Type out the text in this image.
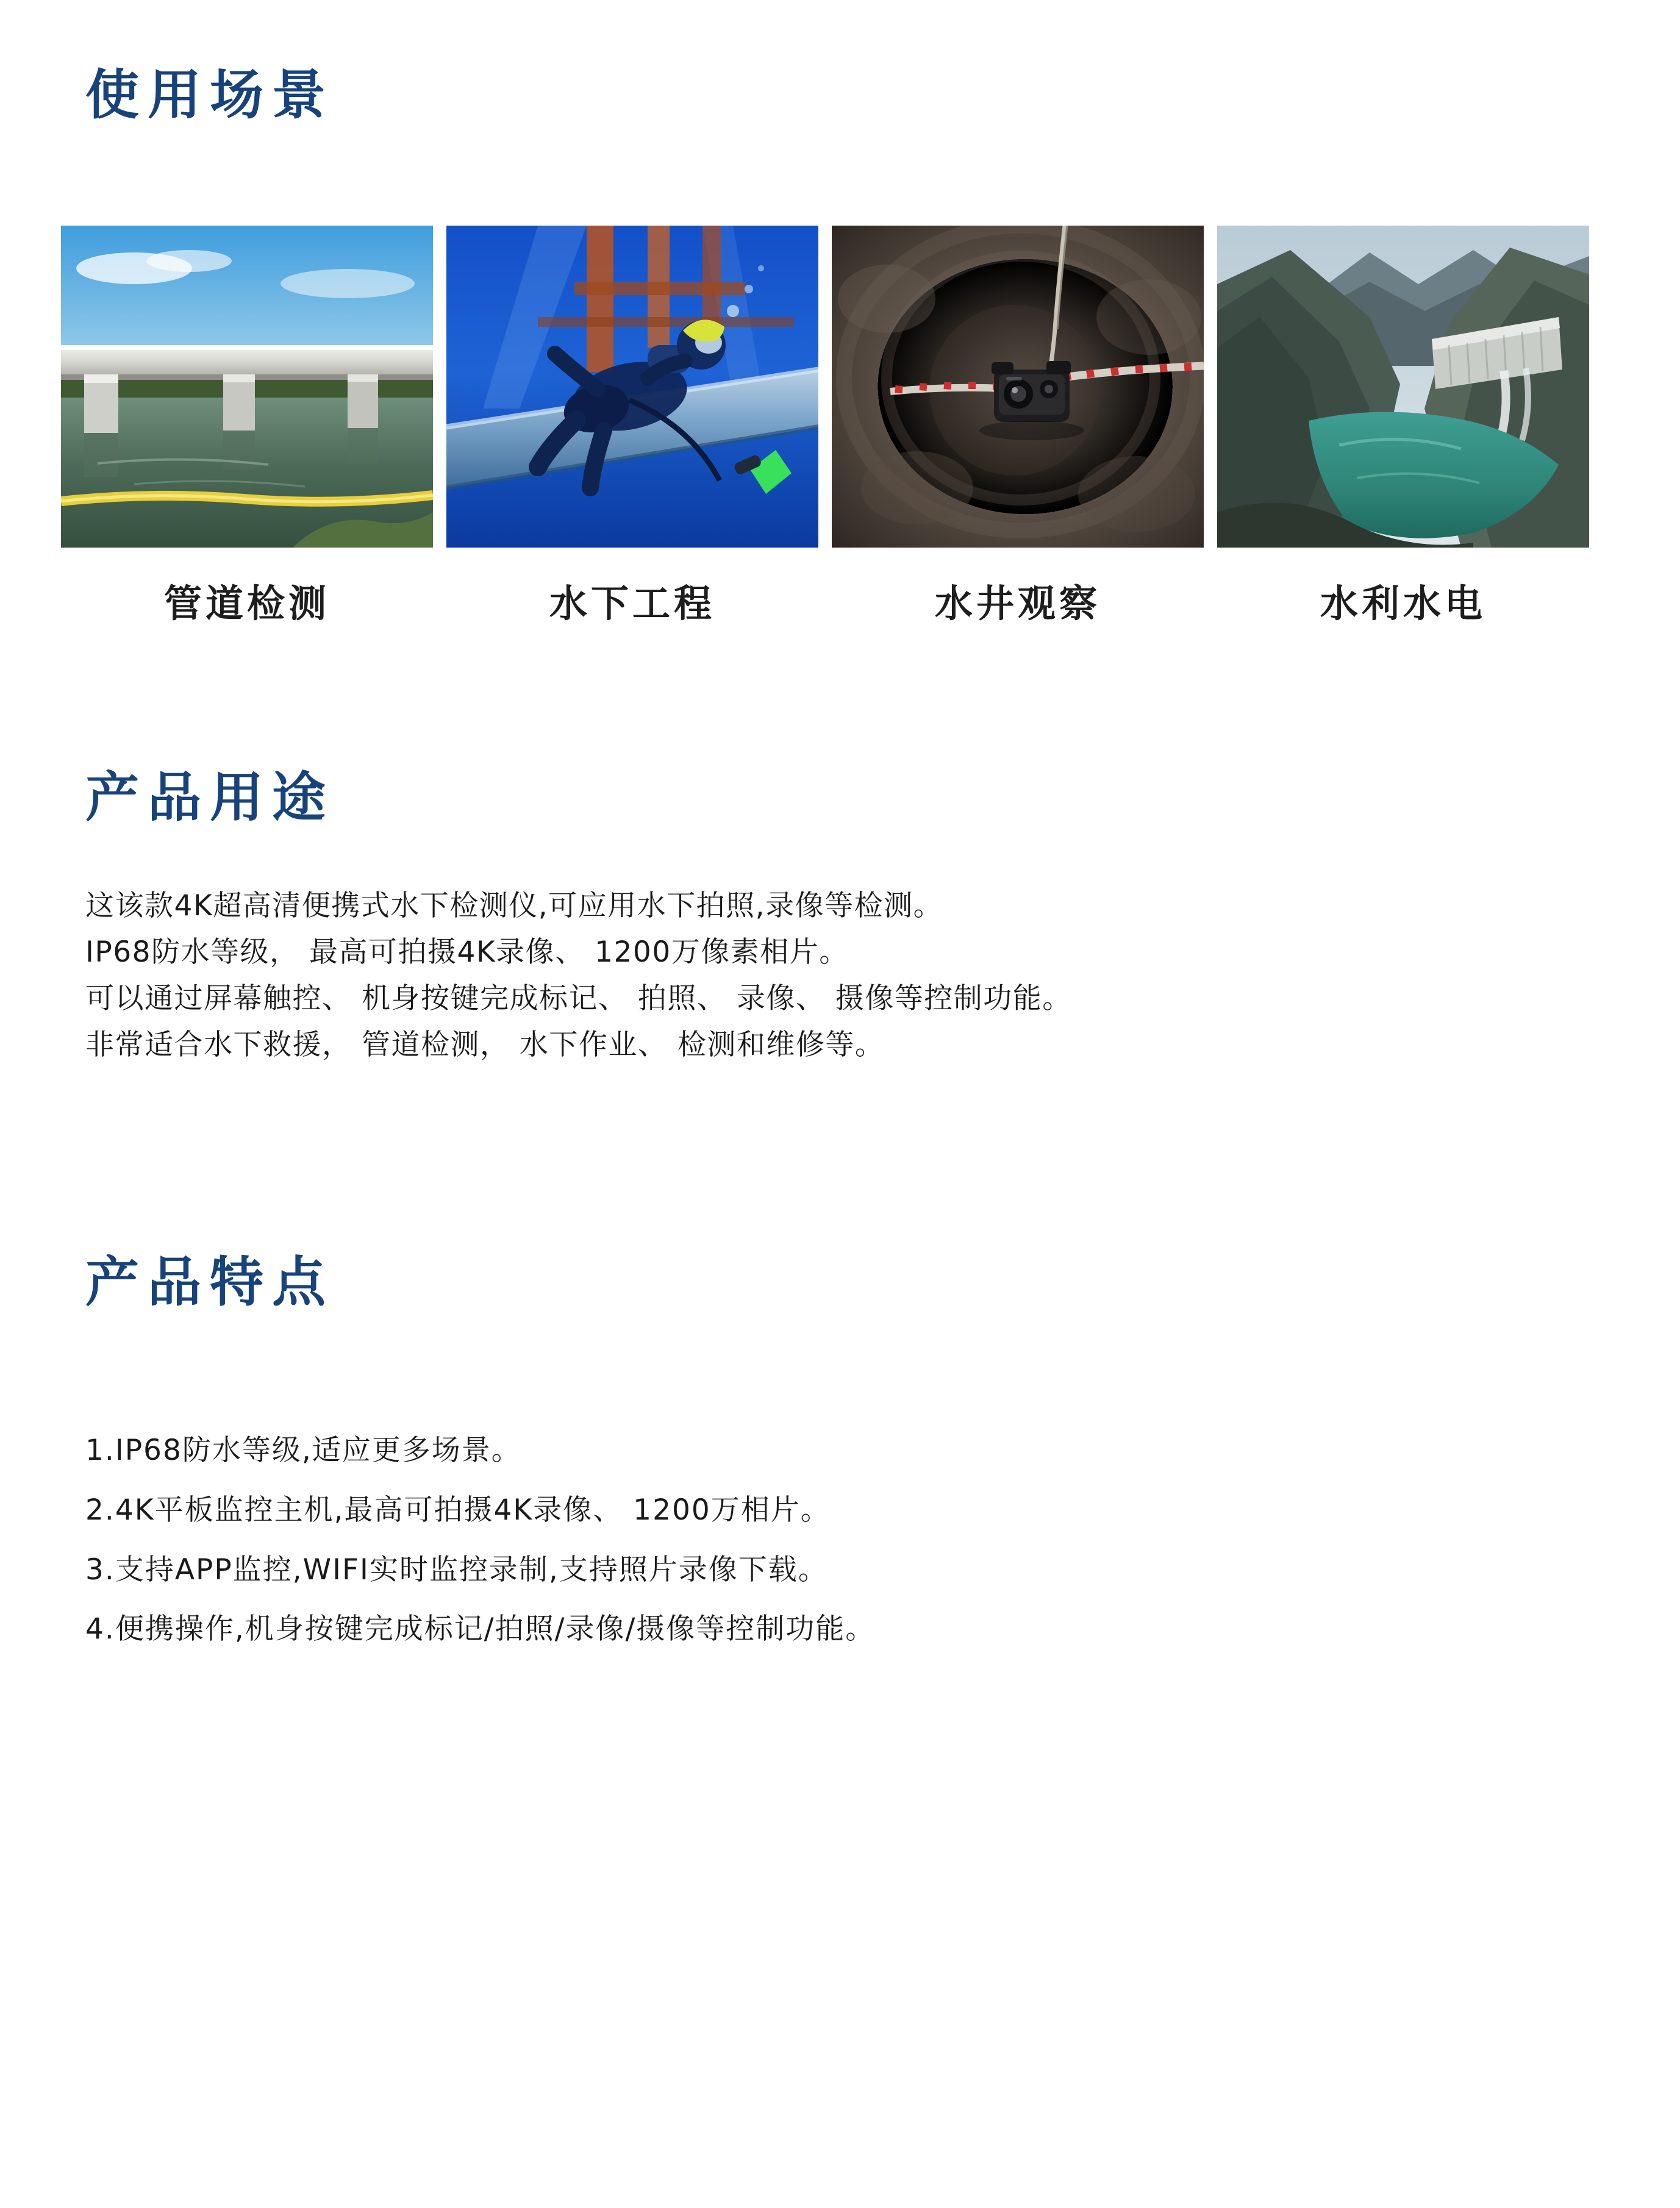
使用场景
管道检测	水下工程	水井观察	水利水电
产品用途
这该款4K超高清便携式水下检测仪,可应用水下拍照,录像等检测。
IP68防水等级， 最高可拍摄4K录像、 1200万像素相片。
可以通过屏幕触控、 机身按键完成标记、 拍照、 录像、 摄像等控制功能。
非常适合水下救援， 管道检测， 水下作业、 检测和维修等。
产品特点
1.IP68防水等级,适应更多场景。
2.4K平板监控主机,最高可拍摄4K录像、 1200万相片。
3.支持APP监控,WIFI实时监控录制,支持照片录像下载。
4.便携操作,机身按键完成标记/拍照/录像/摄像等控制功能。
